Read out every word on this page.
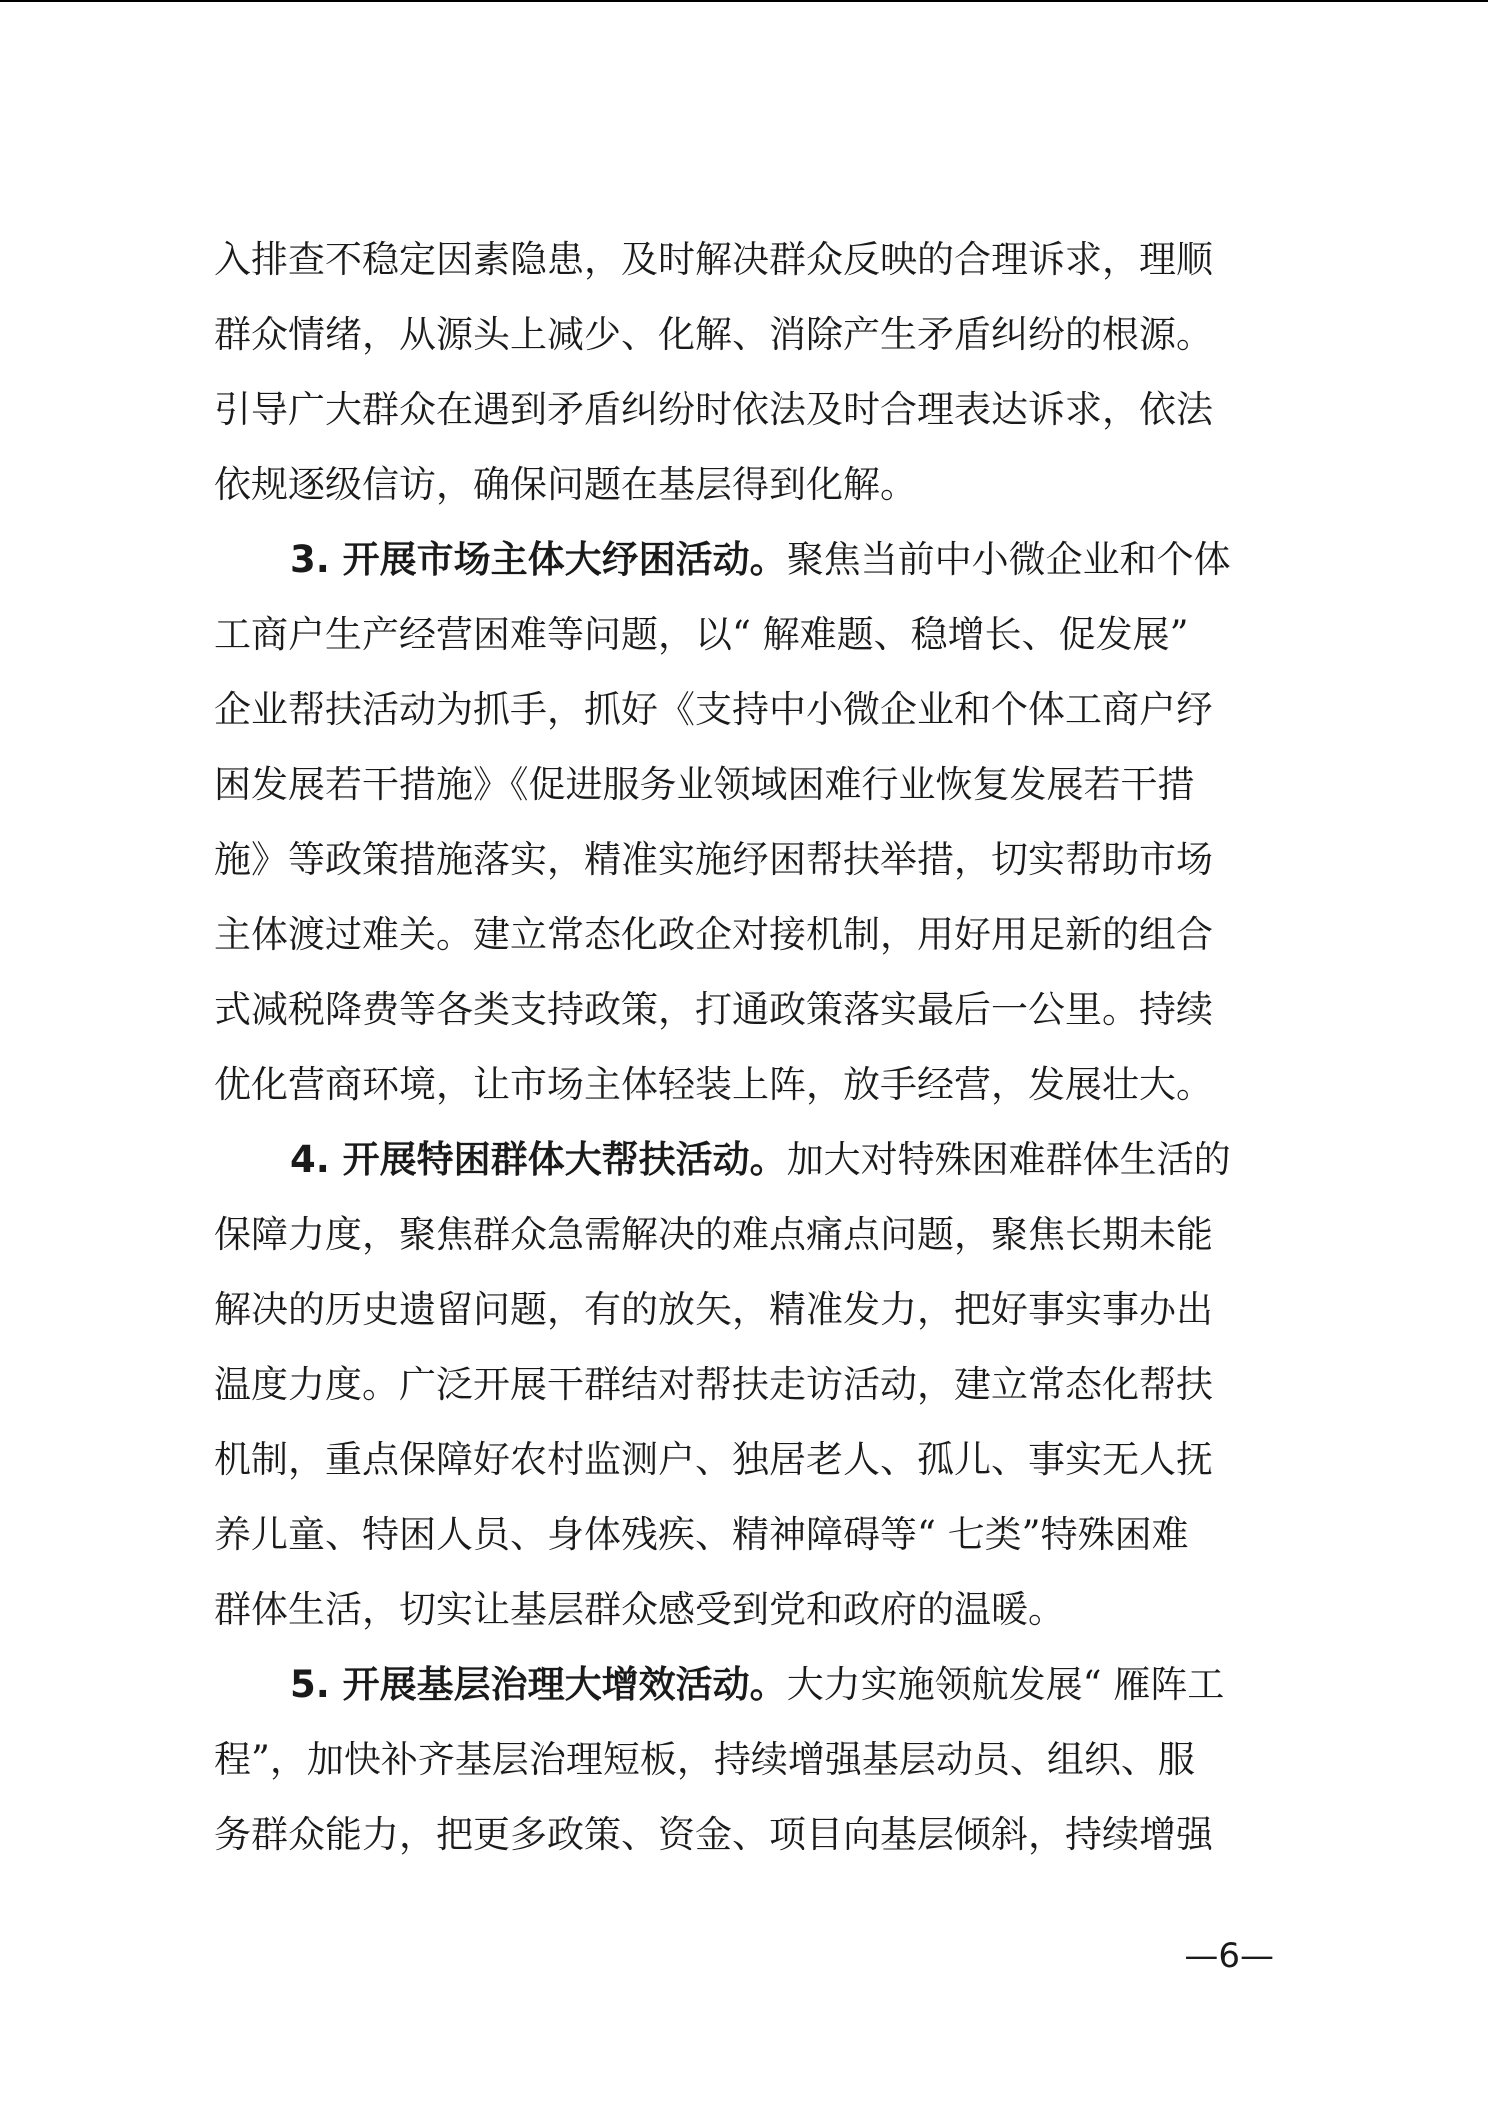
入排查不稳定因素隐患，及时解决群众反映的合理诉求，理顺
群众情绪，从源头上减少、化解、消除产生矛盾纠纷的根源。
引导广大群众在遇到矛盾纠纷时依法及时合理表达诉求，依法
依规逐级信访，确保问题在基层得到化解。
3. 开展市场主体大纾困活动。聚焦当前中小微企业和个体
工商户生产经营困难等问题，以“ 解难题、稳增长、促发展”
企业帮扶活动为抓手，抓好《支持中小微企业和个体工商户纾
困发展若干措施》《促进服务业领域困难行业恢复发展若干措
施》等政策措施落实，精准实施纾困帮扶举措，切实帮助市场
主体渡过难关。建立常态化政企对接机制，用好用足新的组合
式减税降费等各类支持政策，打通政策落实最后一公里。持续
优化营商环境，让市场主体轻装上阵，放手经营，发展壮大。
4. 开展特困群体大帮扶活动。加大对特殊困难群体生活的
保障力度，聚焦群众急需解决的难点痛点问题，聚焦长期未能
解决的历史遗留问题，有的放矢，精准发力，把好事实事办出
温度力度。广泛开展干群结对帮扶走访活动，建立常态化帮扶
机制，重点保障好农村监测户、独居老人、孤儿、事实无人抚
养儿童、特困人员、身体残疾、精神障碍等“ 七类”特殊困难
群体生活，切实让基层群众感受到党和政府的温暖。
5. 开展基层治理大增效活动。大力实施领航发展“ 雁阵工
程”，加快补齐基层治理短板，持续增强基层动员、组织、服
务群众能力，把更多政策、资金、项目向基层倾斜，持续增强
—6—
